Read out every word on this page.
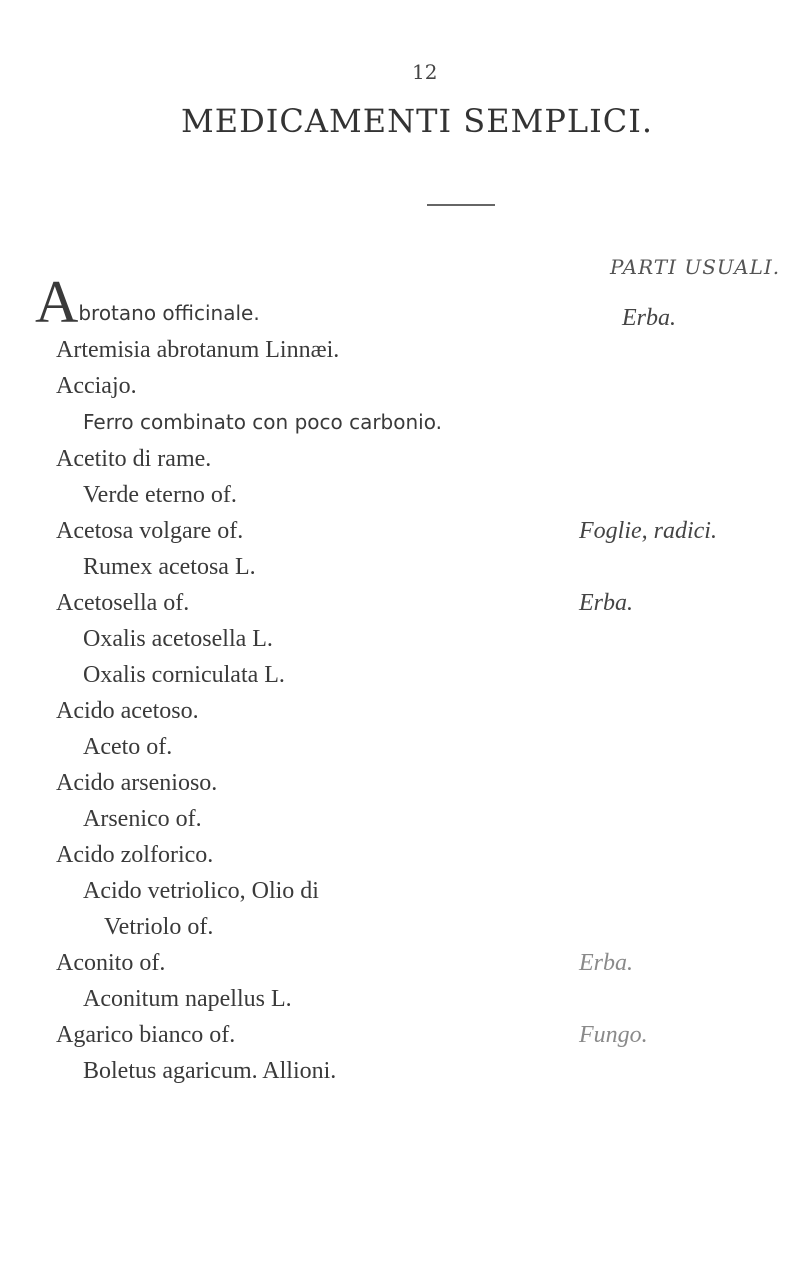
12
MEDICAMENTI SEMPLICI.
PARTI USUALI.
Abrotano officinale.	Erba.
Artemisia abrotanum Linnæi.
Acciajo.
Ferro combinato con poco carbonio.
Acetito di rame.
Verde eterno of.
Acetosa volgare of.	Foglie, radici.
Rumex acetosa L.
Acetosella of.	Erba.
Oxalis acetosella L.
Oxalis corniculata L.
Acido acetoso.
Aceto of.
Acido arsenioso.
Arsenico of.
Acido zolforico.
Acido vetriolico, Olio di
Vetriolo of.
Aconito of.	Erba.
Aconitum napellus L.
Agarico bianco of.	Fungo.
Boletus agaricum. Allioni.
